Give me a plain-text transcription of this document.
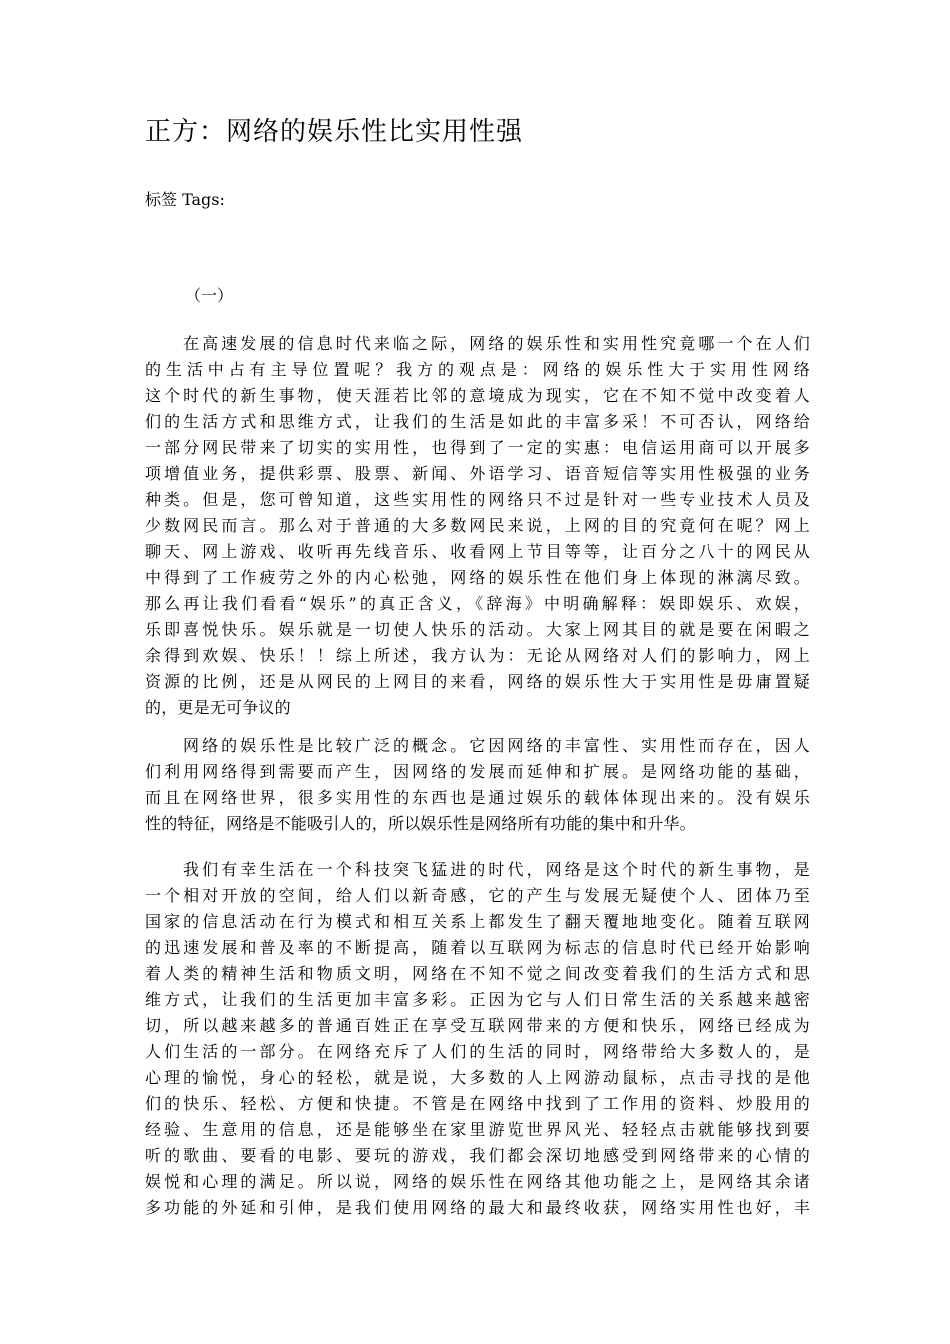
正方：网络的娱乐性比实用性强
标签 Tags:
（一）
在高速发展的信息时代来临之际，网络的娱乐性和实用性究竟哪一个在人们
的生活中占有主导位置呢？我方的观点是：网络的娱乐性大于实用性网络
这个时代的新生事物，使天涯若比邻的意境成为现实，它在不知不觉中改变着人
们的生活方式和思维方式，让我们的生活是如此的丰富多采！不可否认，网络给
一部分网民带来了切实的实用性，也得到了一定的实惠：电信运用商可以开展多
项增值业务，提供彩票、股票、新闻、外语学习、语音短信等实用性极强的业务
种类。但是，您可曾知道，这些实用性的网络只不过是针对一些专业技术人员及
少数网民而言。那么对于普通的大多数网民来说，上网的目的究竟何在呢？网上
聊天、网上游戏、收听再先线音乐、收看网上节目等等，让百分之八十的网民从
中得到了工作疲劳之外的内心松弛，网络的娱乐性在他们身上体现的淋漓尽致。
那么再让我们看看“娱乐”的真正含义，《辞海》中明确解释：娱即娱乐、欢娱，
乐即喜悦快乐。娱乐就是一切使人快乐的活动。大家上网其目的就是要在闲暇之
余得到欢娱、快乐！！综上所述，我方认为：无论从网络对人们的影响力，网上
资源的比例，还是从网民的上网目的来看，网络的娱乐性大于实用性是毋庸置疑
的，更是无可争议的
网络的娱乐性是比较广泛的概念。它因网络的丰富性、实用性而存在，因人
们利用网络得到需要而产生，因网络的发展而延伸和扩展。是网络功能的基础，
而且在网络世界，很多实用性的东西也是通过娱乐的载体体现出来的。没有娱乐
性的特征，网络是不能吸引人的，所以娱乐性是网络所有功能的集中和升华。
我们有幸生活在一个科技突飞猛进的时代，网络是这个时代的新生事物，是
一个相对开放的空间，给人们以新奇感，它的产生与发展无疑使个人、团体乃至
国家的信息活动在行为模式和相互关系上都发生了翻天覆地地变化。随着互联网
的迅速发展和普及率的不断提高，随着以互联网为标志的信息时代已经开始影响
着人类的精神生活和物质文明，网络在不知不觉之间改变着我们的生活方式和思
维方式，让我们的生活更加丰富多彩。正因为它与人们日常生活的关系越来越密
切，所以越来越多的普通百姓正在享受互联网带来的方便和快乐，网络已经成为
人们生活的一部分。在网络充斥了人们的生活的同时，网络带给大多数人的，是
心理的愉悦，身心的轻松，就是说，大多数的人上网游动鼠标，点击寻找的是他
们的快乐、轻松、方便和快捷。不管是在网络中找到了工作用的资料、炒股用的
经验、生意用的信息，还是能够坐在家里游览世界风光、轻轻点击就能够找到要
听的歌曲、要看的电影、要玩的游戏，我们都会深切地感受到网络带来的心情的
娱悦和心理的满足。所以说，网络的娱乐性在网络其他功能之上，是网络其余诸
多功能的外延和引伸，是我们使用网络的最大和最终收获，网络实用性也好，丰
